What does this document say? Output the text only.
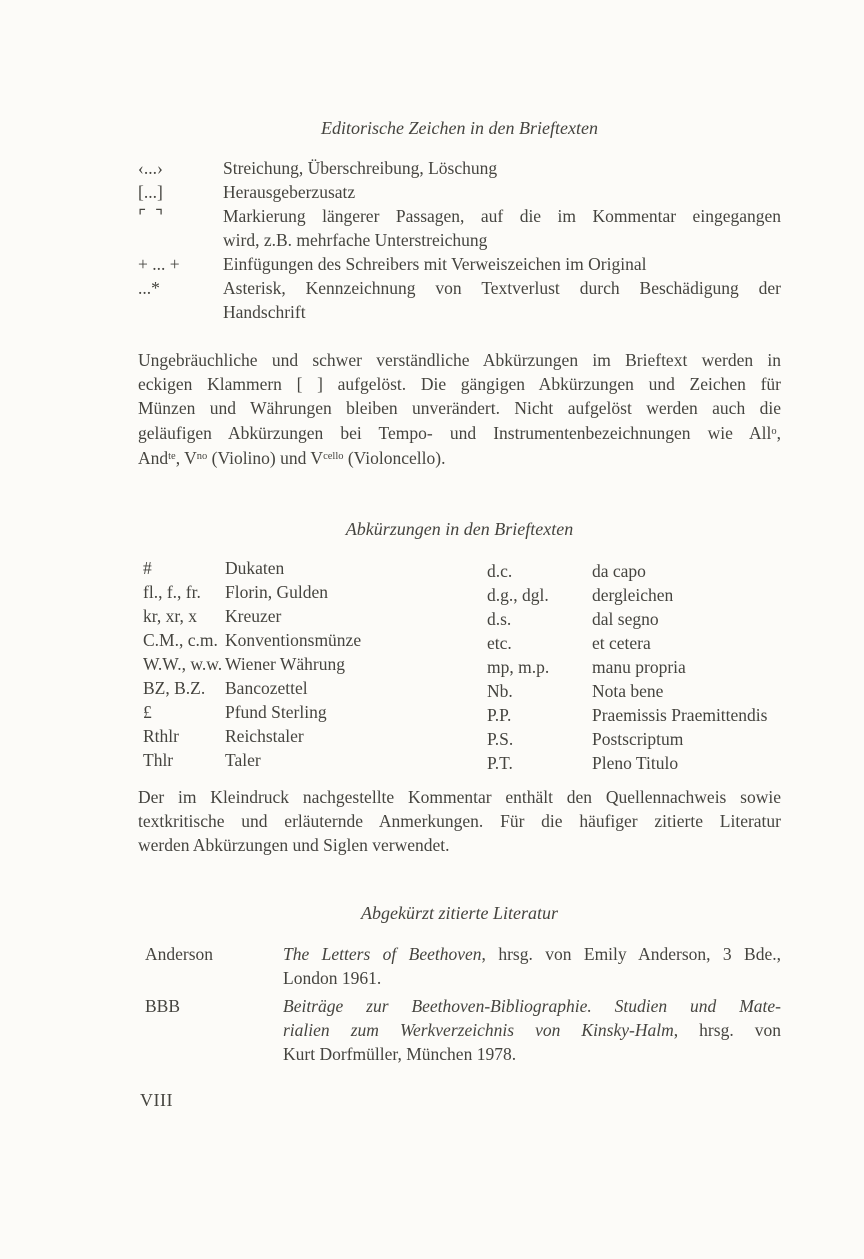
Editorische Zeichen in den Brieftexten
‹...›	Streichung, Überschreibung, Löschung
[...]	Herausgeberzusatz
⌜  ⌝	Markierung längerer Passagen, auf die im Kommentar eingegangen
wird, z.B. mehrfache Unterstreichung
+ ... +	Einfügungen des Schreibers mit Verweiszeichen im Original
...*	Asterisk, Kennzeichnung von Textverlust durch Beschädigung der
Handschrift
Ungebräuchliche und schwer verständliche Abkürzungen im Brieftext werden in
eckigen Klammern [ ] aufgelöst. Die gängigen Abkürzungen und Zeichen für
Münzen und Währungen bleiben unverändert. Nicht aufgelöst werden auch die
geläufigen Abkürzungen bei Tempo- und Instrumentenbezeichnungen wie All$^o$,
And$^{te}$, $V^{no}$ (Violino) und $V^{cello}$ (Violoncello).
Abkürzungen in den Brieftexten
#	Dukaten
fl., f., fr.	Florin, Gulden
kr, xr, x	Kreuzer
C.M., c.m. Konventionsmünze
W.W., w.w. Wiener Währung
BZ, B.Z.	Bancozettel
£	Pfund Sterling
Rthlr	Reichstaler
Thlr	Taler
d.c.	da capo
d.g., dgl.	dergleichen
d.s.	dal segno
etc.	et cetera
mp, m.p.	manu propria
Nb.	Nota bene
P.P.	Praemissis Praemittendis
P.S.	Postscriptum
P.T.	Pleno Titulo
Der im Kleindruck nachgestellte Kommentar enthält den Quellennachweis sowie
textkritische und erläuternde Anmerkungen. Für die häufiger zitierte Literatur
werden Abkürzungen und Siglen verwendet.
Abgekürzt zitierte Literatur
Anderson	The Letters of Beethoven, hrsg. von Emily Anderson, 3 Bde.,
London 1961.
BBB	Beiträge zur Beethoven-Bibliographie. Studien und Mate-
rialien zum Werkverzeichnis von Kinsky-Halm, hrsg. von
Kurt Dorfmüller, München 1978.
VIII
